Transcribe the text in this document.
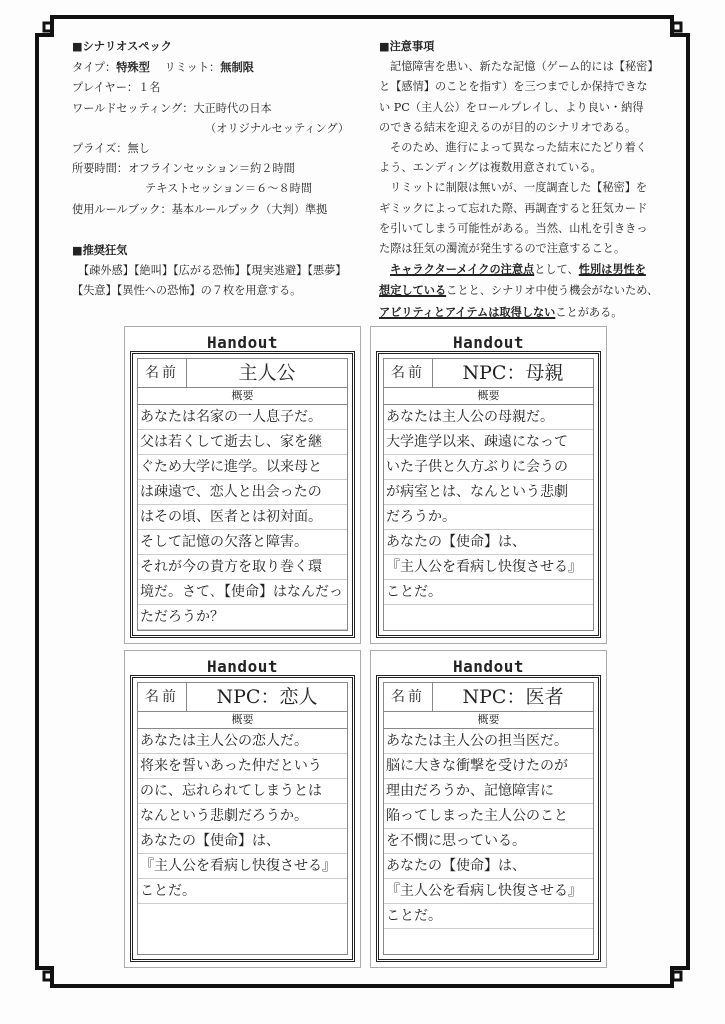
■シナリオスペック
タイプ：特殊型　 リミット：無制限
プレイヤー：１名
ワールドセッティング：大正時代の日本
（オリジナルセッティング）
プライズ：無し
所要時間：オフラインセッション＝約２時間
テキストセッション＝６～８時間
使用ルールブック：基本ルールブック（大判）準拠
■推奨狂気
【疎外感】【絶叫】【広がる恐怖】【現実逃避】【悪夢】
【失意】【異性への恐怖】の７枚を用意する。
■注意事項
記憶障害を患い、新たな記憶（ゲーム的には【秘密】
と【感情】のことを指す）を三つまでしか保持できな
い PC（主人公）をロールプレイし、より良い・納得
のできる結末を迎えるのが目的のシナリオである。
そのため、進行によって異なった結末にたどり着く
よう、エンディングは複数用意されている。
リミットに制限は無いが、一度調査した【秘密】を
ギミックによって忘れた際、再調査すると狂気カード
を引いてしまう可能性がある。当然、山札を引ききっ
た際は狂気の濁流が発生するので注意すること。
キャラクターメイクの注意点として、性別は男性を
想定していることと、シナリオ中使う機会がないため、
アビリティとアイテムは取得しないことがある。
Handout
名前	主人公
概要
あなたは名家の一人息子だ。
父は若くして逝去し、家を継
ぐため大学に進学。以来母と
は疎遠で、恋人と出会ったの
はその頃、医者とは初対面。
そして記憶の欠落と障害。
それが今の貴方を取り巻く環
境だ。さて､【使命】はなんだっ
ただろうか？
Handout
名前	NPC：母親
概要
あなたは主人公の母親だ。
大学進学以来、疎遠になって
いた子供と久方ぶりに会うの
が病室とは、なんという悲劇
だろうか。
あなたの【使命】は、
『主人公を看病し快復させる』
ことだ。
Handout
名前	NPC：恋人
概要
あなたは主人公の恋人だ。
将来を誓いあった仲だという
のに、忘れられてしまうとは
なんという悲劇だろうか。
あなたの【使命】は、
『主人公を看病し快復させる』
ことだ。
Handout
名前	NPC：医者
概要
あなたは主人公の担当医だ。
脳に大きな衝撃を受けたのが
理由だろうか、記憶障害に
陥ってしまった主人公のこと
を不憫に思っている。
あなたの【使命】は、
『主人公を看病し快復させる』
ことだ。
